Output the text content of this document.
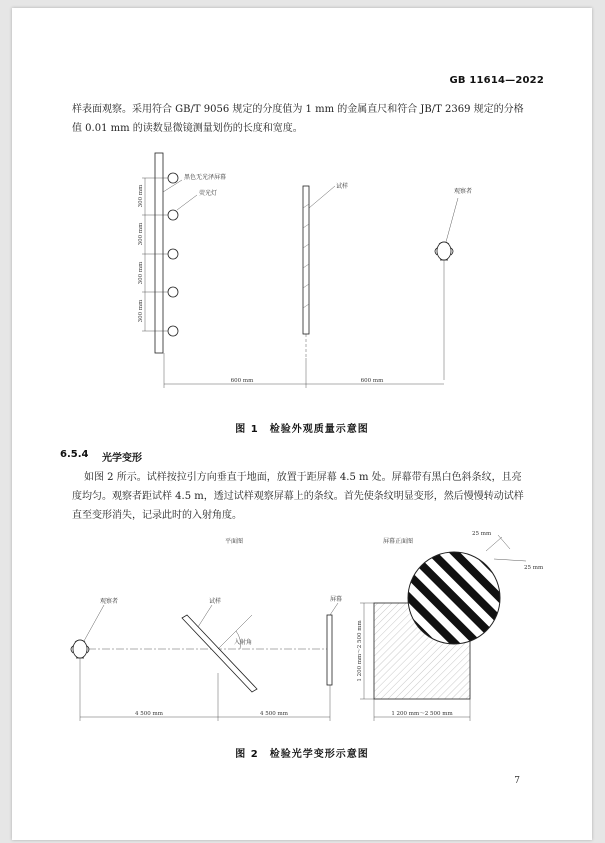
GB 11614—2022
样表面观察。采用符合 GB/T 9056 规定的分度值为 1 mm 的金属直尺和符合 JB/T 2369 规定的分格
值 0.01 mm 的读数显微镜测量划伤的长度和宽度。
300 mm
300 mm
300 mm
300 mm
黑色无光泽屏幕
荧光灯
试样
观察者
600 mm	600 mm
图 1　检验外观质量示意图
6.5.4 光学变形
如图 2 所示。试样按拉引方向垂直于地面，放置于距屏幕 4.5 m 处。屏幕带有黑白色斜条纹，且亮
度均匀。观察者距试样 4.5 m，透过试样观察屏幕上的条纹。首先使条纹明显变形，然后慢慢转动试样
直至变形消失，记录此时的入射角度。
平面图	屏幕正面图
观察者	试样
入射角
屏幕
4 500 mm	4 500 mm
25 mm
25 mm
1 200 mm～2 500 mm
1 200 mm～2 500 mm
图 2　检验光学变形示意图
7
